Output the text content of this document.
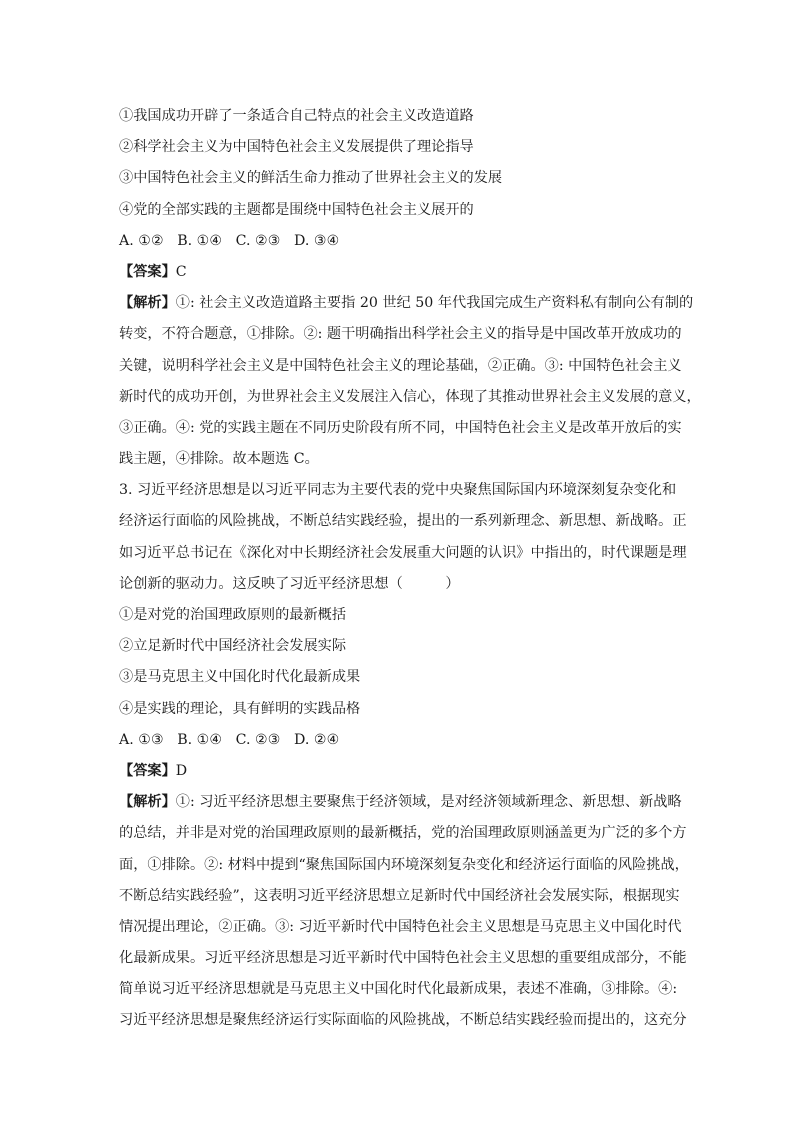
①我国成功开辟了一条适合自己特点的社会主义改造道路
②科学社会主义为中国特色社会主义发展提供了理论指导
③中国特色社会主义的鲜活生命力推动了世界社会主义的发展
④党的全部实践的主题都是围绕中国特色社会主义展开的
A. ①②   B. ①④   C. ②③   D. ③④
【答案】C
【解析】①: 社会主义改造道路主要指 20 世纪 50 年代我国完成生产资料私有制向公有制的
转变，不符合题意，①排除。②: 题干明确指出科学社会主义的指导是中国改革开放成功的
关键，说明科学社会主义是中国特色社会主义的理论基础，②正确。③: 中国特色社会主义
新时代的成功开创，为世界社会主义发展注入信心，体现了其推动世界社会主义发展的意义，
③正确。④: 党的实践主题在不同历史阶段有所不同，中国特色社会主义是改革开放后的实
践主题，④排除。故本题选 C。
3. 习近平经济思想是以习近平同志为主要代表的党中央聚焦国际国内环境深刻复杂变化和
经济运行面临的风险挑战，不断总结实践经验，提出的一系列新理念、新思想、新战略。正
如习近平总书记在《深化对中长期经济社会发展重大问题的认识》中指出的，时代课题是理
论创新的驱动力。这反映了习近平经济思想（　　　）
①是对党的治国理政原则的最新概括
②立足新时代中国经济社会发展实际
③是马克思主义中国化时代化最新成果
④是实践的理论，具有鲜明的实践品格
A. ①③   B. ①④   C. ②③   D. ②④
【答案】D
【解析】①: 习近平经济思想主要聚焦于经济领域，是对经济领域新理念、新思想、新战略
的总结，并非是对党的治国理政原则的最新概括，党的治国理政原则涵盖更为广泛的多个方
面，①排除。②: 材料中提到“聚焦国际国内环境深刻复杂变化和经济运行面临的风险挑战，
不断总结实践经验”，这表明习近平经济思想立足新时代中国经济社会发展实际，根据现实
情况提出理论，②正确。③: 习近平新时代中国特色社会主义思想是马克思主义中国化时代
化最新成果。习近平经济思想是习近平新时代中国特色社会主义思想的重要组成部分，不能
简单说习近平经济思想就是马克思主义中国化时代化最新成果，表述不准确，③排除。④:
习近平经济思想是聚焦经济运行实际面临的风险挑战，不断总结实践经验而提出的，这充分
